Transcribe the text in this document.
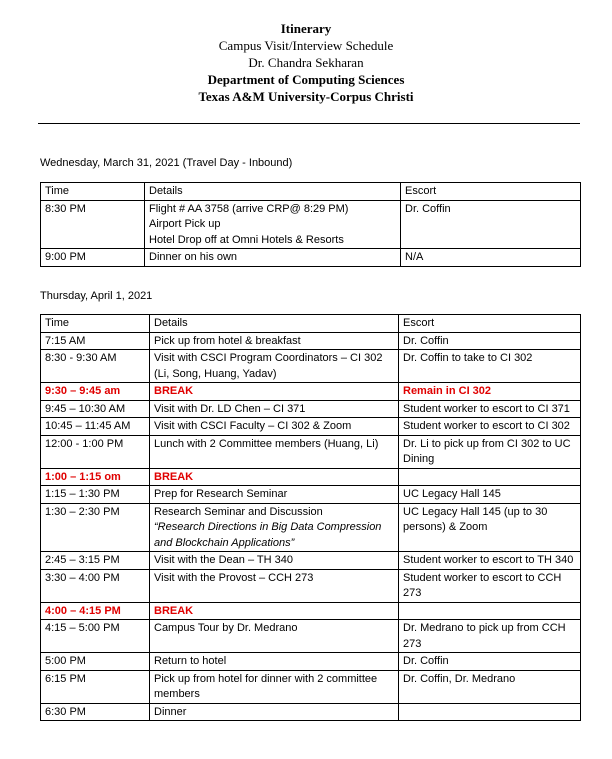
Itinerary
Campus Visit/Interview Schedule
Dr. Chandra Sekharan
Department of Computing Sciences
Texas A&M University-Corpus Christi
Wednesday, March 31, 2021 (Travel Day - Inbound)
Time	Details	Escort
8:30 PM	Flight # AA 3758 (arrive CRP@ 8:29 PM)
Airport Pick up
Hotel Drop off at Omni Hotels & Resorts	Dr. Coffin
9:00 PM	Dinner on his own	N/A
Thursday, April 1, 2021
Time	Details	Escort
7:15 AM	Pick up from hotel & breakfast	Dr. Coffin
8:30 - 9:30 AM	Visit with CSCI Program Coordinators – CI 302
(Li, Song, Huang, Yadav)	Dr. Coffin to take to CI 302
9:30 – 9:45 am	BREAK	Remain in CI 302
9:45 – 10:30 AM	Visit with Dr. LD Chen – CI 371	Student worker to escort to CI 371
10:45 – 11:45 AM	Visit with CSCI Faculty – CI 302 & Zoom	Student worker to escort to CI 302
12:00 - 1:00 PM	Lunch with 2 Committee members (Huang, Li)	Dr. Li to pick up from CI 302 to UC Dining
1:00 – 1:15 om	BREAK	

1:15 – 1:30 PM	Prep for Research Seminar	UC Legacy Hall 145
1:30 – 2:30 PM	Research Seminar and Discussion
“Research Directions in Big Data Compression and Blockchain Applications”	UC Legacy Hall 145 (up to 30 persons) & Zoom
2:45 – 3:15 PM	Visit with the Dean – TH 340	Student worker to escort to TH 340
3:30 – 4:00 PM	Visit with the Provost – CCH 273	Student worker to escort to CCH 273
4:00 – 4:15 PM	BREAK	

4:15 – 5:00 PM	Campus Tour by Dr. Medrano	Dr. Medrano to pick up from CCH 273
5:00 PM	Return to hotel	Dr. Coffin
6:15 PM	Pick up from hotel for dinner with 2 committee members	Dr. Coffin, Dr. Medrano
6:30 PM	Dinner	
